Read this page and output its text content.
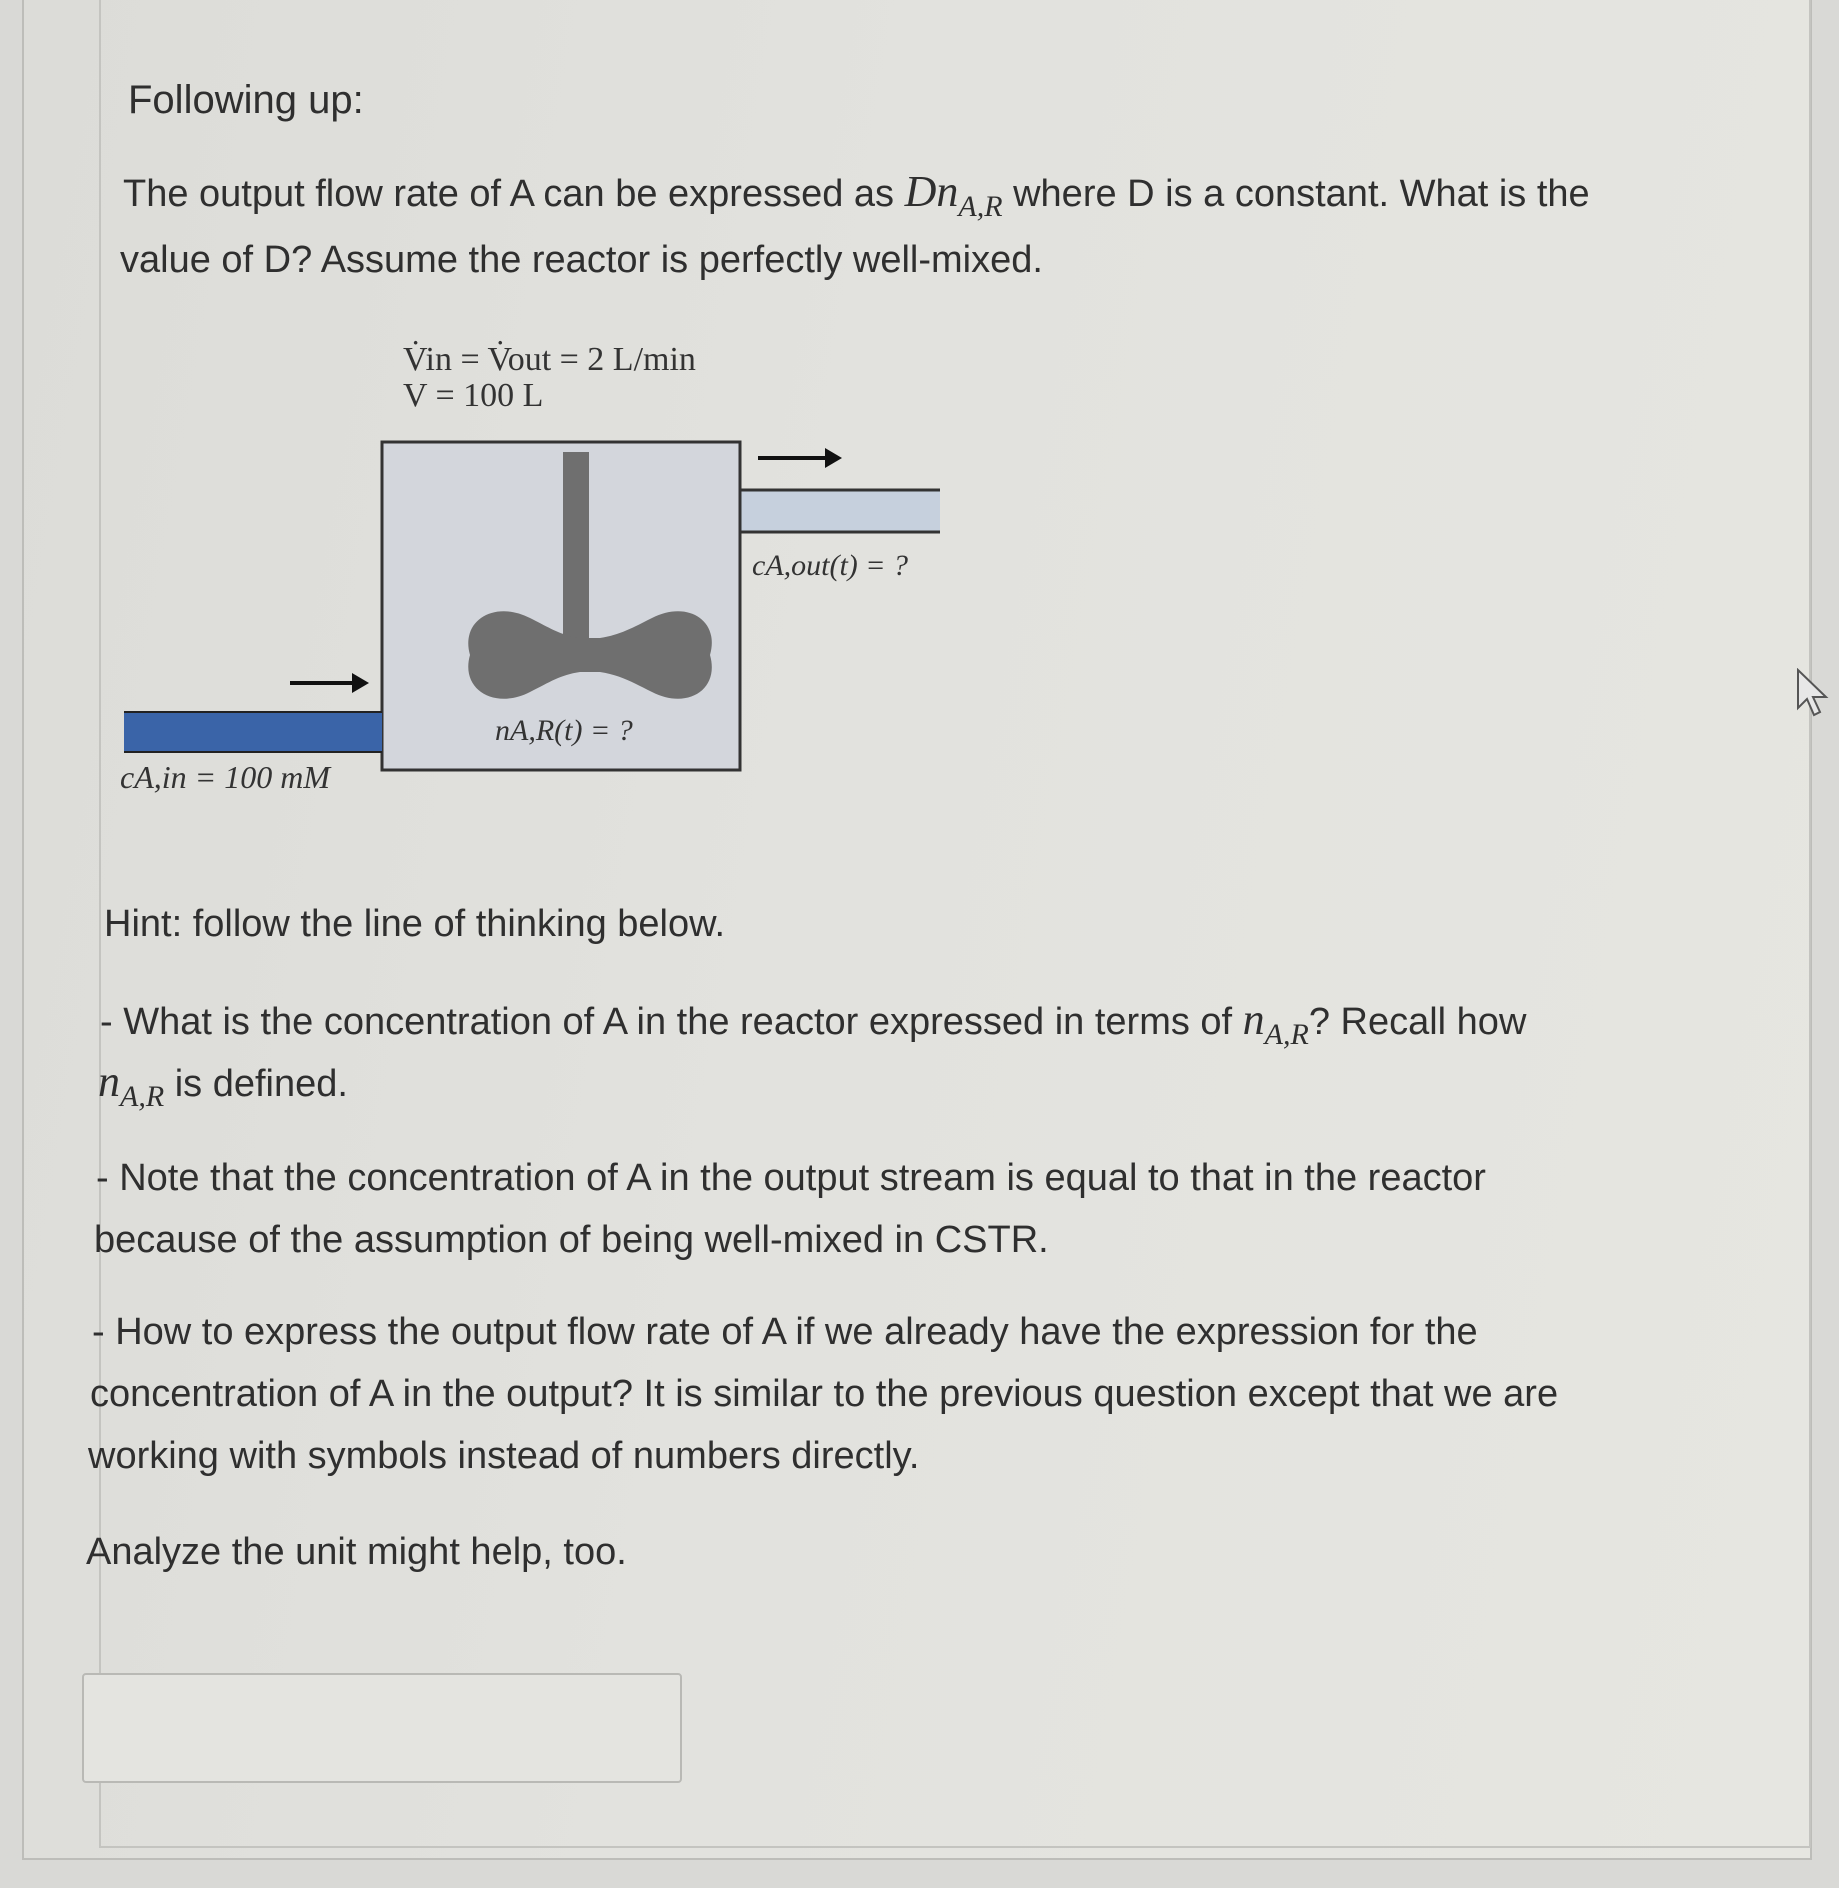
Following up:
The output flow rate of A can be expressed as $Dn_{A,R}$ where D is a constant. What is the
value of D? Assume the reactor is perfectly well-mixed.
V̇in = V̇out = 2 L/min
V = 100 L
cA,out(t) = ?
nA,R(t) = ?
cA,in = 100 mM
Hint: follow the line of thinking below.
- What is the concentration of A in the reactor expressed in terms of $n_{A,R}$? Recall how
$n_{A,R}$ is defined.
- Note that the concentration of A in the output stream is equal to that in the reactor
because of the assumption of being well-mixed in CSTR.
- How to express the output flow rate of A if we already have the expression for the
concentration of A in the output? It is similar to the previous question except that we are
working with symbols instead of numbers directly.
Analyze the unit might help, too.
